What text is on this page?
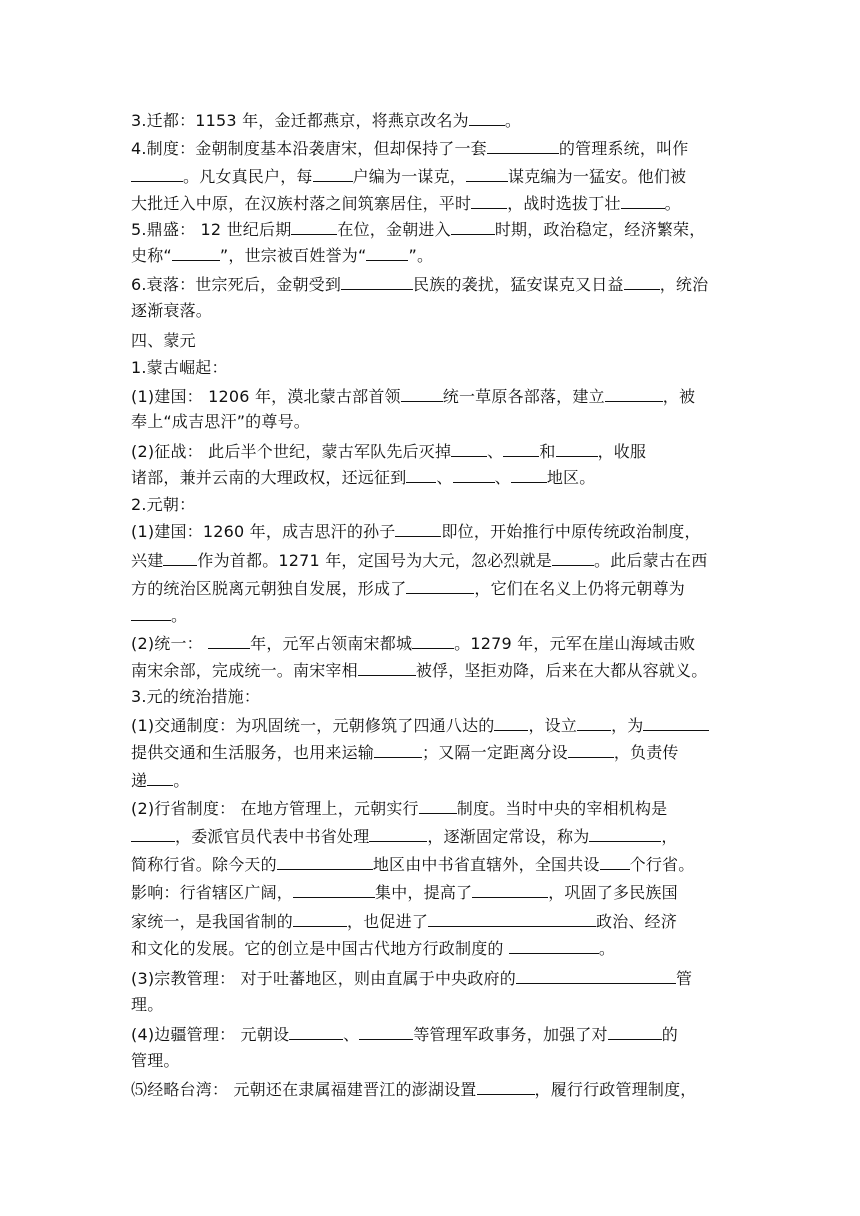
3.迁都：1153 年，金迁都燕京，将燕京改名为 。
4.制度：金朝制度基本沿袭唐宋，但却保持了一套	的管理系统，叫作
。凡女真民户，每	户编为一谋克，	谋克编为一猛安。他们被
大批迁入中原，在汉族村落之间筑寨居住，平时 ，战时选拔丁壮	。
5.鼎盛： 12 世纪后期	在位，金朝进入	时期，政治稳定，经济繁荣，
史称“	”，世宗被百姓誉为“	”。
6.衰落：世宗死后，金朝受到	民族的袭扰，猛安谋克又日益 ，统治
逐渐衰落。
四、蒙元
1.蒙古崛起：
(1)建国： 1206 年，漠北蒙古部首领	统一草原各部落，建立	，被
奉上“成吉思汗”的尊号。
(2)征战： 此后半个世纪，蒙古军队先后灭掉 、 和	，收服
诸部，兼并云南的大理政权，还远征到 、	、 地区。
2.元朝：
(1)建国：1260 年，成吉思汗的孙子	即位，开始推行中原传统政治制度，
兴建 作为首都。1271 年，定国号为大元，忽必烈就是	。此后蒙古在西
方的统治区脱离元朝独自发展，形成了	，它们在名义上仍将元朝尊为
。
(2)统一：	年，元军占领南宋都城	。1279 年，元军在崖山海域击败
南宋余部，完成统一。南宋宰相	被俘，坚拒劝降，后来在大都从容就义。
3.元的统治措施：
(1)交通制度：为巩固统一，元朝修筑了四通八达的 ，设立 ，为
提供交通和生活服务，也用来运输	；又隔一定距离分设	，负责传
递 。
(2)行省制度： 在地方管理上，元朝实行 制度。当时中央的宰相机构是
，委派官员代表中书省处理	，逐渐固定常设，称为	，
简称行省。除今天的	地区由中书省直辖外，全国共设 个行省。
影响：行省辖区广阔，	集中，提高了	，巩固了多民族国
家统一，是我国省制的	，也促进了	政治、经济
和文化的发展。它的创立是中国古代地方行政制度的	。
(3)宗教管理： 对于吐蕃地区，则由直属于中央政府的	管
理。
(4)边疆管理： 元朝设	、	等管理军政事务，加强了对	的
管理。
⑸经略台湾： 元朝还在隶属福建晋江的澎湖设置	，履行行政管理制度，
